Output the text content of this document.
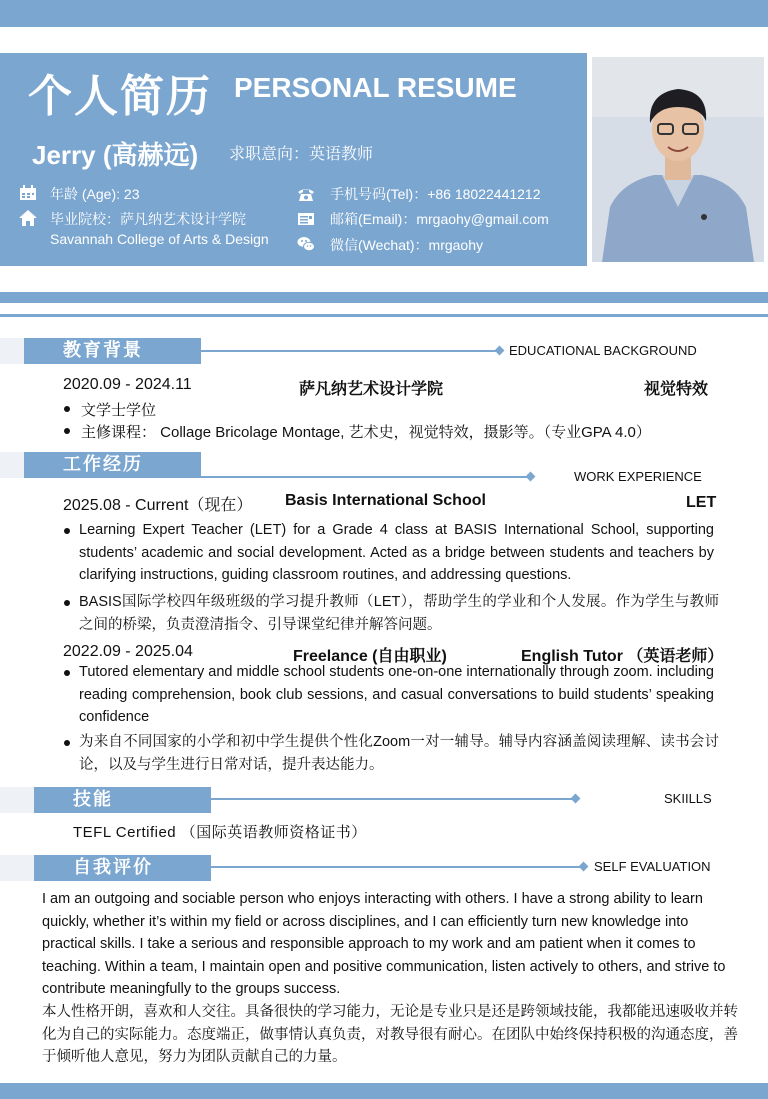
个人简历 PERSONAL RESUME
Jerry (高赫远) 求职意向：英语教师
年龄 (Age): 23
毕业院校：萨凡纳艺术设计学院
Savannah College of Arts & Design
手机号码(Tel)：+86 18022441212
邮箱(Email)：mrgaohy@gmail.com
微信(Wechat)：mrgaohy
教育背景	EDUCATIONAL BACKGROUND
2020.09 - 2024.11	萨凡纳艺术设计学院	视觉特效
文学士学位
主修课程： Collage Bricolage Montage, 艺术史，视觉特效，摄影等。（专业GPA 4.0）
工作经历
WORK EXPERIENCE
2025.08 - Current（现在） Basis International School	LET
Learning Expert Teacher (LET) for a Grade 4 class at BASIS International School, supporting students’ academic and social development. Acted as a bridge between students and teachers by clarifying instructions, guiding classroom routines, and addressing questions.
BASIS国际学校四年级班级的学习提升教师（LET），帮助学生的学业和个人发展。作为学生与教师之间的桥梁，负责澄清指令、引导课堂纪律并解答问题。
2022.09 - 2025.04	Freelance (自由职业)	English Tutor （英语老师）
Tutored elementary and middle school students one-on-one internationally through zoom. including reading comprehension, book club sessions, and casual conversations to build students’ speaking confidence
为来自不同国家的小学和初中学生提供个性化Zoom一对一辅导。辅导内容涵盖阅读理解、读书会讨论，以及与学生进行日常对话，提升表达能力。
技能	SKIILLS
TEFL Certified （国际英语教师资格证书）
自我评价	SELF EVALUATION
I am an outgoing and sociable person who enjoys interacting with others. I have a strong ability to learn quickly, whether it’s within my field or across disciplines, and I can efficiently turn new knowledge into practical skills. I take a serious and responsible approach to my work and am patient when it comes to teaching. Within a team, I maintain open and positive communication, listen actively to others, and strive to contribute meaningfully to the groups success.
本人性格开朗，喜欢和人交往。具备很快的学习能力，无论是专业只是还是跨领域技能，我都能迅速吸收并转化为自己的实际能力。态度端正，做事情认真负责，对教导很有耐心。在团队中始终保持积极的沟通态度，善于倾听他人意见，努力为团队贡献自己的力量。
